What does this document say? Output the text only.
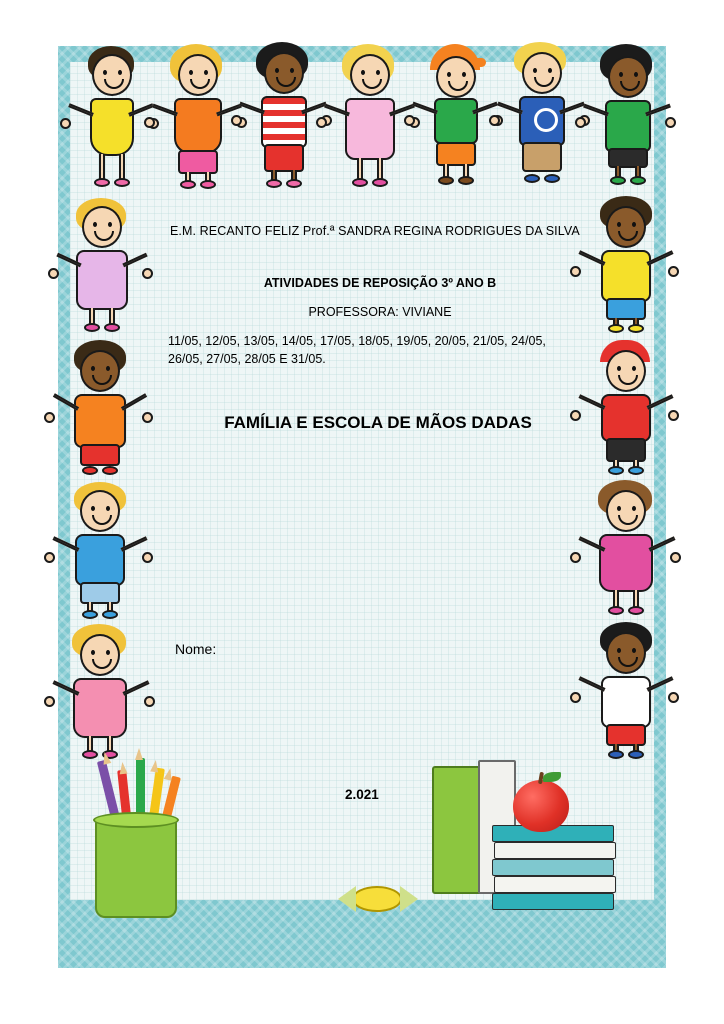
E.M. RECANTO FELIZ Prof.ª SANDRA REGINA RODRIGUES DA SILVA
ATIVIDADES DE REPOSIÇÃO 3º ANO B
PROFESSORA: VIVIANE
11/05, 12/05, 13/05, 14/05, 17/05, 18/05, 19/05, 20/05, 21/05, 24/05, 26/05, 27/05, 28/05 E 31/05.
FAMÍLIA E ESCOLA DE MÃOS DADAS
Nome:
2.021
